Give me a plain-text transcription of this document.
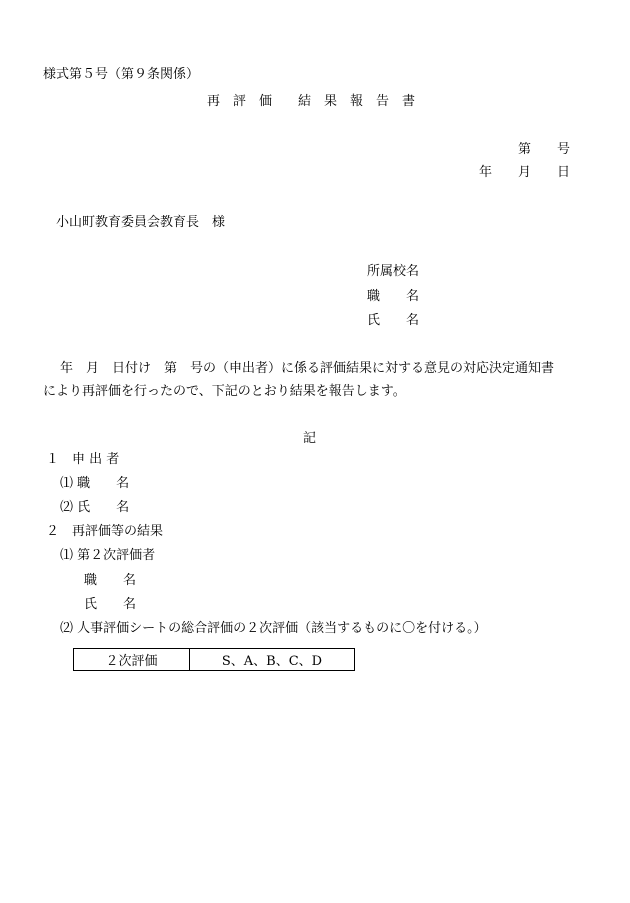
様式第５号（第９条関係）
再　評　価　　結　果　報　告　書
第　　号
年　　月　　日
小山町教育委員会教育長　様
所属校名
職　　名
氏　　名
年　月　日付け　第　号の（申出者）に係る評価結果に対する意見の対応決定通知書
により再評価を行ったので、下記のとおり結果を報告します。
記
１　申 出 者
⑴ 職　　名
⑵ 氏　　名
２　再評価等の結果
⑴ 第２次評価者
職　　名
氏　　名
⑵ 人事評価シートの総合評価の２次評価（該当するものに〇を付ける。）
２次評価	S、A、B、C、D
